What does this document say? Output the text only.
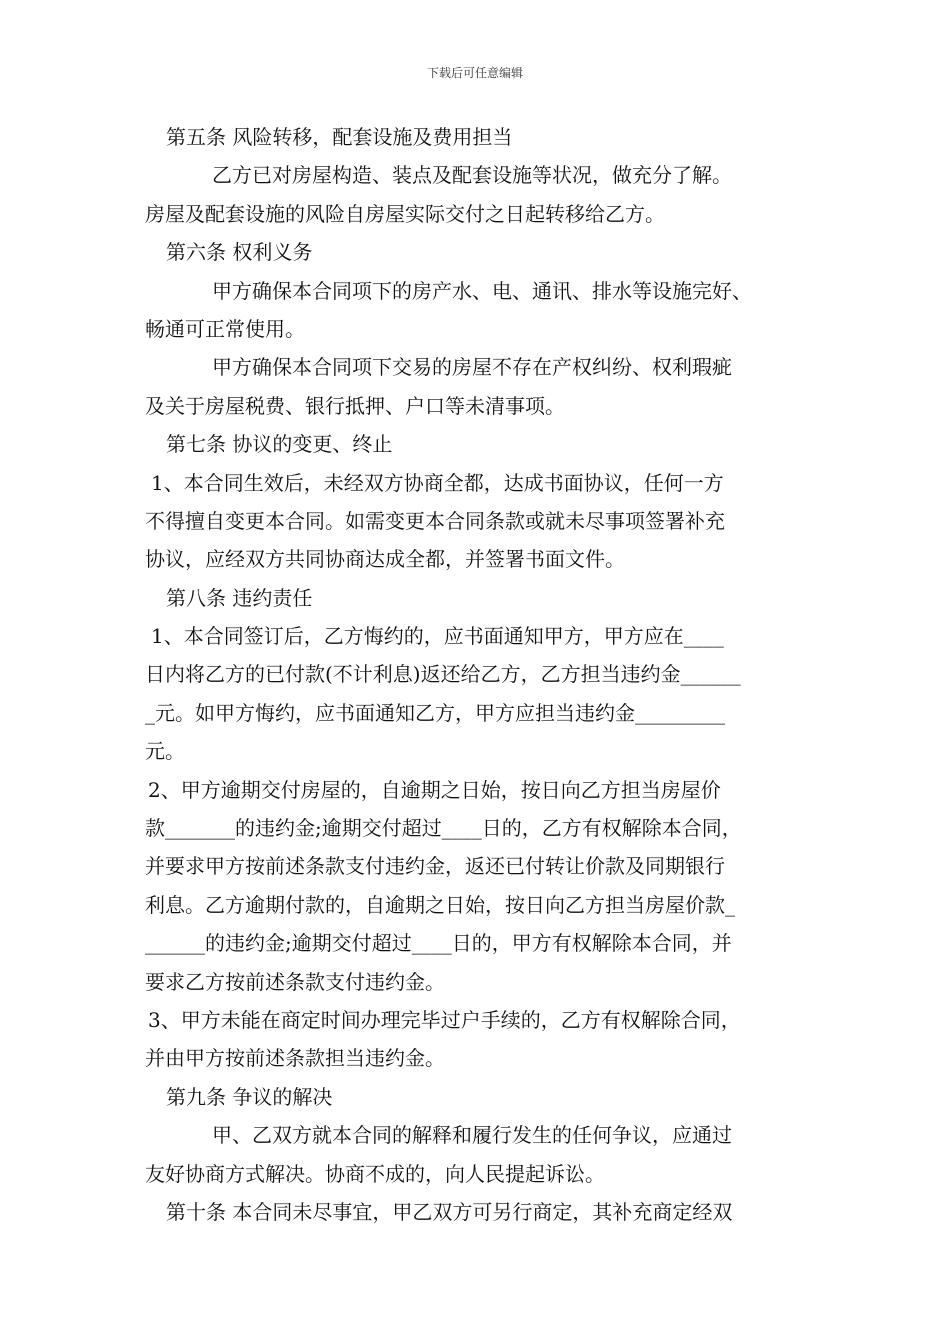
下载后可任意编辑
第五条 风险转移，配套设施及费用担当
乙方已对房屋构造、装点及配套设施等状况，做充分了解。
房屋及配套设施的风险自房屋实际交付之日起转移给乙方。
第六条 权利义务
甲方确保本合同项下的房产水、电、通讯、排水等设施完好、
畅通可正常使用。
甲方确保本合同项下交易的房屋不存在产权纠纷、权利瑕疵
及关于房屋税费、银行抵押、户口等未清事项。
第七条 协议的变更、终止
1、本合同生效后，未经双方协商全都，达成书面协议，任何一方
不得擅自变更本合同。如需变更本合同条款或就未尽事项签署补充
协议，应经双方共同协商达成全都，并签署书面文件。
第八条 违约责任
1、本合同签订后，乙方悔约的，应书面通知甲方，甲方应在____
日内将乙方的已付款(不计利息)返还给乙方，乙方担当违约金______
_元。如甲方悔约，应书面通知乙方，甲方应担当违约金_________
元。
2、甲方逾期交付房屋的，自逾期之日始，按日向乙方担当房屋价
款_______的违约金;逾期交付超过____日的，乙方有权解除本合同，
并要求甲方按前述条款支付违约金，返还已付转让价款及同期银行
利息。乙方逾期付款的，自逾期之日始，按日向乙方担当房屋价款_
______的违约金;逾期交付超过____日的，甲方有权解除本合同，并
要求乙方按前述条款支付违约金。
3、甲方未能在商定时间办理完毕过户手续的，乙方有权解除合同，
并由甲方按前述条款担当违约金。
第九条 争议的解决
甲、乙双方就本合同的解释和履行发生的任何争议，应通过
友好协商方式解决。协商不成的，向人民提起诉讼。
第十条 本合同未尽事宜，甲乙双方可另行商定，其补充商定经双
